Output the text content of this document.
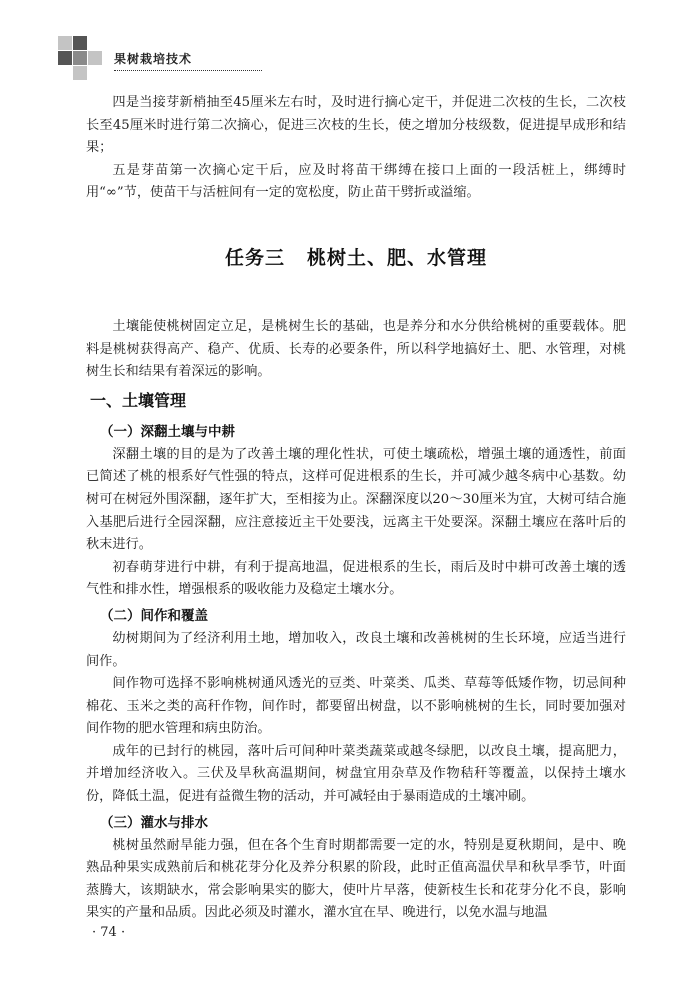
果树栽培技术

四是当接芽新梢抽至45厘米左右时，及时进行摘心定干，并促进二次枝的生长，二次枝长至45厘米时进行第二次摘心，促进三次枝的生长，使之增加分枝级数，促进提早成形和结果；

五是芽苗第一次摘心定干后，应及时将苗干绑缚在接口上面的一段活桩上，绑缚时用“∞”节，使苗干与活桩间有一定的宽松度，防止苗干劈折或溢缩。

任务三 桃树土、肥、水管理

土壤能使桃树固定立足，是桃树生长的基础，也是养分和水分供给桃树的重要载体。肥料是桃树获得高产、稳产、优质、长寿的必要条件，所以科学地搞好土、肥、水管理，对桃树生长和结果有着深远的影响。

一、土壤管理
（一）深翻土壤与中耕

深翻土壤的目的是为了改善土壤的理化性状，可使土壤疏松，增强土壤的通透性，前面已简述了桃的根系好气性强的特点，这样可促进根系的生长，并可减少越冬病中心基数。幼树可在树冠外围深翻，逐年扩大，至相接为止。深翻深度以20～30厘米为宜，大树可结合施入基肥后进行全园深翻，应注意接近主干处要浅，远离主干处要深。深翻土壤应在落叶后的秋末进行。

初春萌芽进行中耕，有利于提高地温，促进根系的生长，雨后及时中耕可改善土壤的透气性和排水性，增强根系的吸收能力及稳定土壤水分。

（二）间作和覆盖

幼树期间为了经济利用土地，增加收入，改良土壤和改善桃树的生长环境，应适当进行间作。

间作物可选择不影响桃树通风透光的豆类、叶菜类、瓜类、草莓等低矮作物，切忌间种棉花、玉米之类的高秆作物，间作时，都要留出树盘，以不影响桃树的生长，同时要加强对间作物的肥水管理和病虫防治。

成年的已封行的桃园，落叶后可间种叶菜类蔬菜或越冬绿肥，以改良土壤，提高肥力，并增加经济收入。三伏及旱秋高温期间，树盘宜用杂草及作物秸秆等覆盖，以保持土壤水份，降低土温，促进有益微生物的活动，并可减轻由于暴雨造成的土壤冲刷。

（三）灌水与排水

桃树虽然耐旱能力强，但在各个生育时期都需要一定的水，特别是夏秋期间，是中、晚熟品种果实成熟前后和桃花芽分化及养分积累的阶段，此时正值高温伏旱和秋旱季节，叶面蒸腾大，该期缺水，常会影响果实的膨大，使叶片早落，使新枝生长和花芽分化不良，影响果实的产量和品质。因此必须及时灌水，灌水宜在早、晚进行，以免水温与地温

· 74 ·
